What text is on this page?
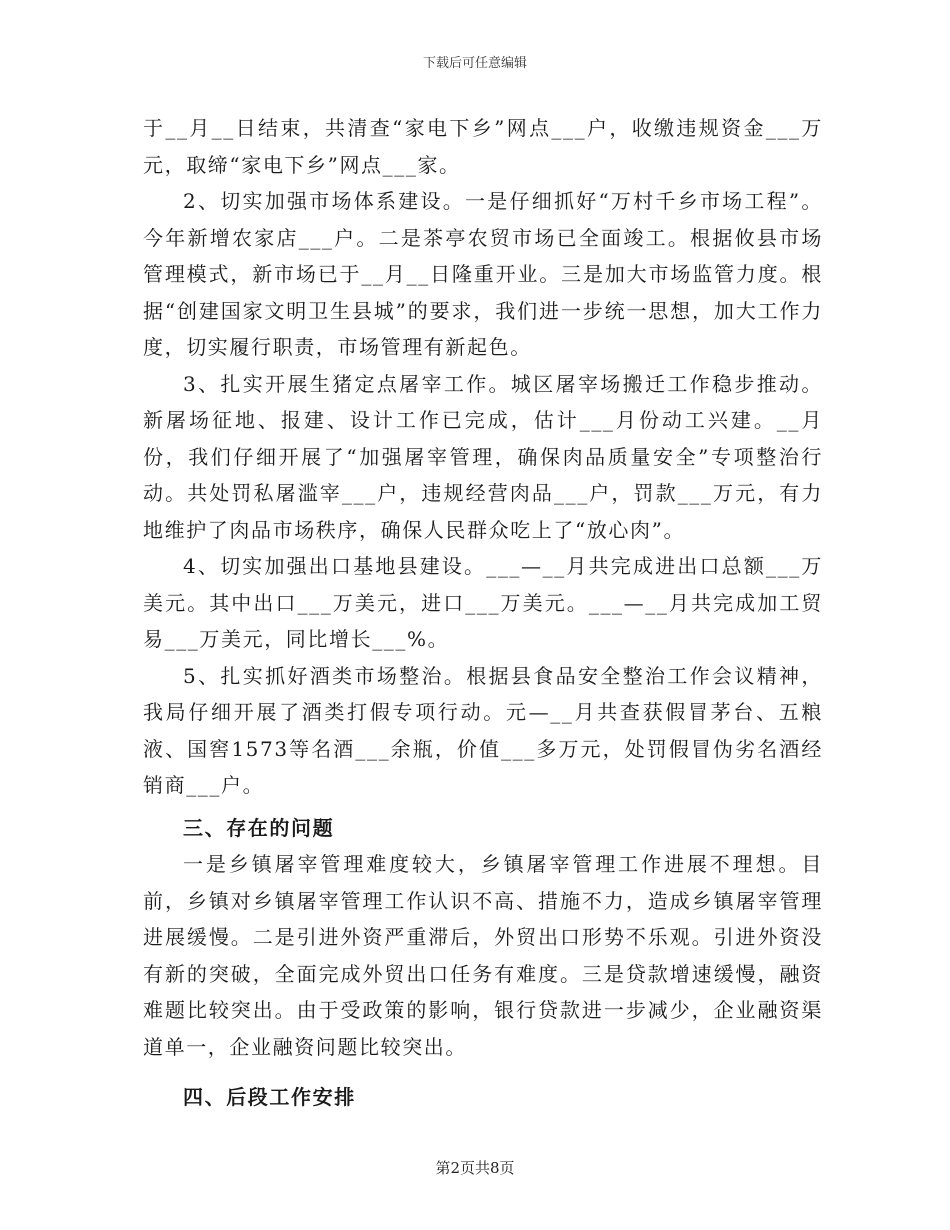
下载后可任意编辑

于__月__日结束，共清查“家电下乡”网点___户，收缴违规资金___万元，取缔“家电下乡”网点___家。

2、切实加强市场体系建设。一是仔细抓好“万村千乡市场工程”。今年新增农家店___户。二是茶亭农贸市场已全面竣工。根据攸县市场管理模式，新市场已于__月__日隆重开业。三是加大市场监管力度。根据“创建国家文明卫生县城”的要求，我们进一步统一思想，加大工作力度，切实履行职责，市场管理有新起色。

3、扎实开展生猪定点屠宰工作。城区屠宰场搬迁工作稳步推动。新屠场征地、报建、设计工作已完成，估计___月份动工兴建。__月份，我们仔细开展了“加强屠宰管理，确保肉品质量安全”专项整治行动。共处罚私屠滥宰___户，违规经营肉品___户，罚款___万元，有力地维护了肉品市场秩序，确保人民群众吃上了“放心肉”。

4、切实加强出口基地县建设。___—__月共完成进出口总额___万美元。其中出口___万美元，进口___万美元。___—__月共完成加工贸易___万美元，同比增长___%。

5、扎实抓好酒类市场整治。根据县食品安全整治工作会议精神，我局仔细开展了酒类打假专项行动。元—__月共查获假冒茅台、五粮液、国窖1573等名酒___余瓶，价值___多万元，处罚假冒伪劣名酒经销商___户。

三、存在的问题

一是乡镇屠宰管理难度较大，乡镇屠宰管理工作进展不理想。目前，乡镇对乡镇屠宰管理工作认识不高、措施不力，造成乡镇屠宰管理进展缓慢。二是引进外资严重滞后，外贸出口形势不乐观。引进外资没有新的突破，全面完成外贸出口任务有难度。三是贷款增速缓慢，融资难题比较突出。由于受政策的影响，银行贷款进一步减少，企业融资渠道单一，企业融资问题比较突出。

四、后段工作安排

第2页共8页
